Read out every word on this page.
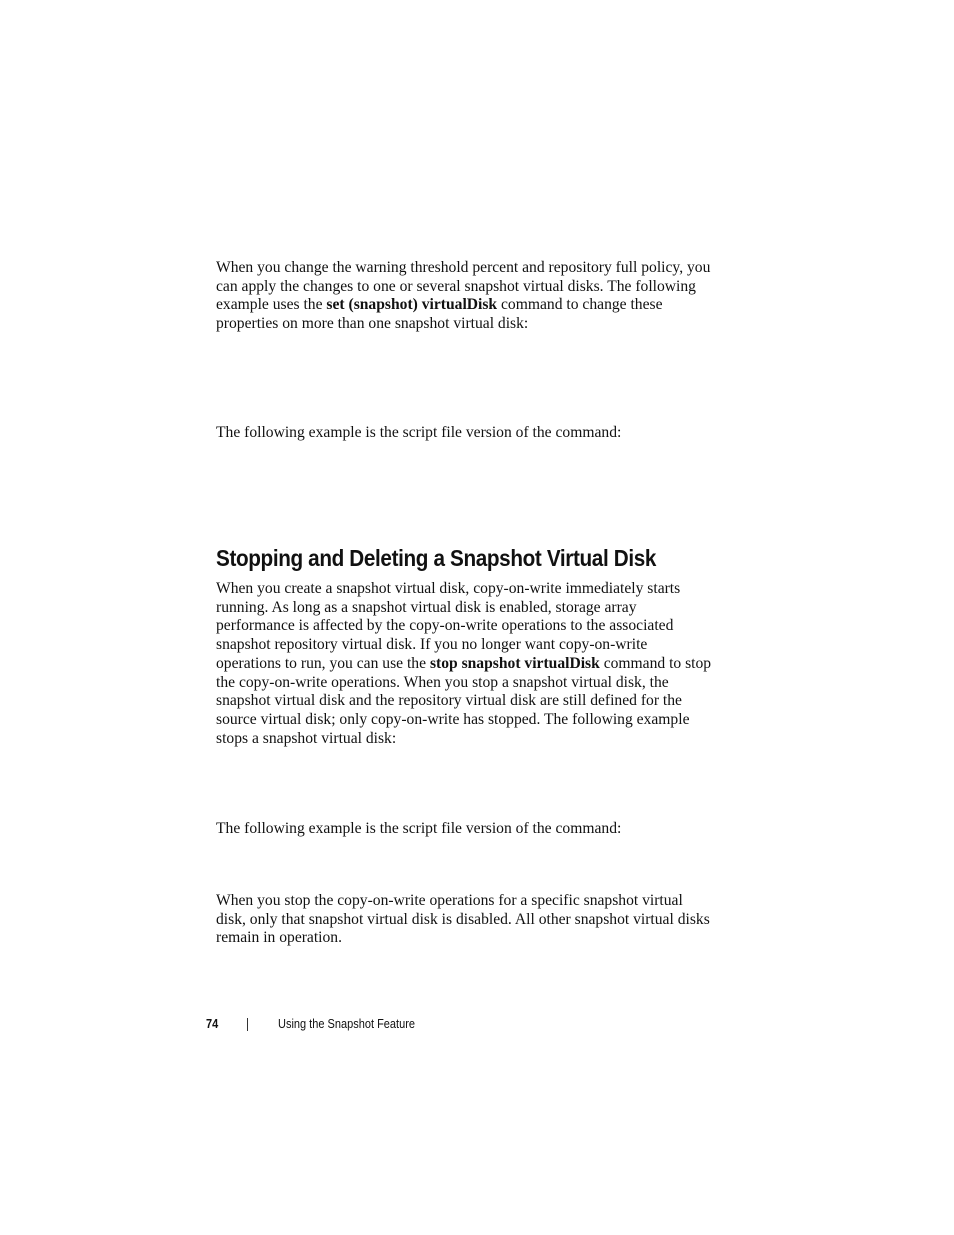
When you change the warning threshold percent and repository full policy, you can apply the changes to one or several snapshot virtual disks. The following example uses the set (snapshot) virtualDisk command to change these properties on more than one snapshot virtual disk:

The following example is the script file version of the command:

Stopping and Deleting a Snapshot Virtual Disk

When you create a snapshot virtual disk, copy-on-write immediately starts running. As long as a snapshot virtual disk is enabled, storage array performance is affected by the copy-on-write operations to the associated snapshot repository virtual disk. If you no longer want copy-on-write operations to run, you can use the stop snapshot virtualDisk command to stop the copy-on-write operations. When you stop a snapshot virtual disk, the snapshot virtual disk and the repository virtual disk are still defined for the source virtual disk; only copy-on-write has stopped. The following example stops a snapshot virtual disk:

The following example is the script file version of the command:

When you stop the copy-on-write operations for a specific snapshot virtual disk, only that snapshot virtual disk is disabled. All other snapshot virtual disks remain in operation.

74	Using the Snapshot Feature
